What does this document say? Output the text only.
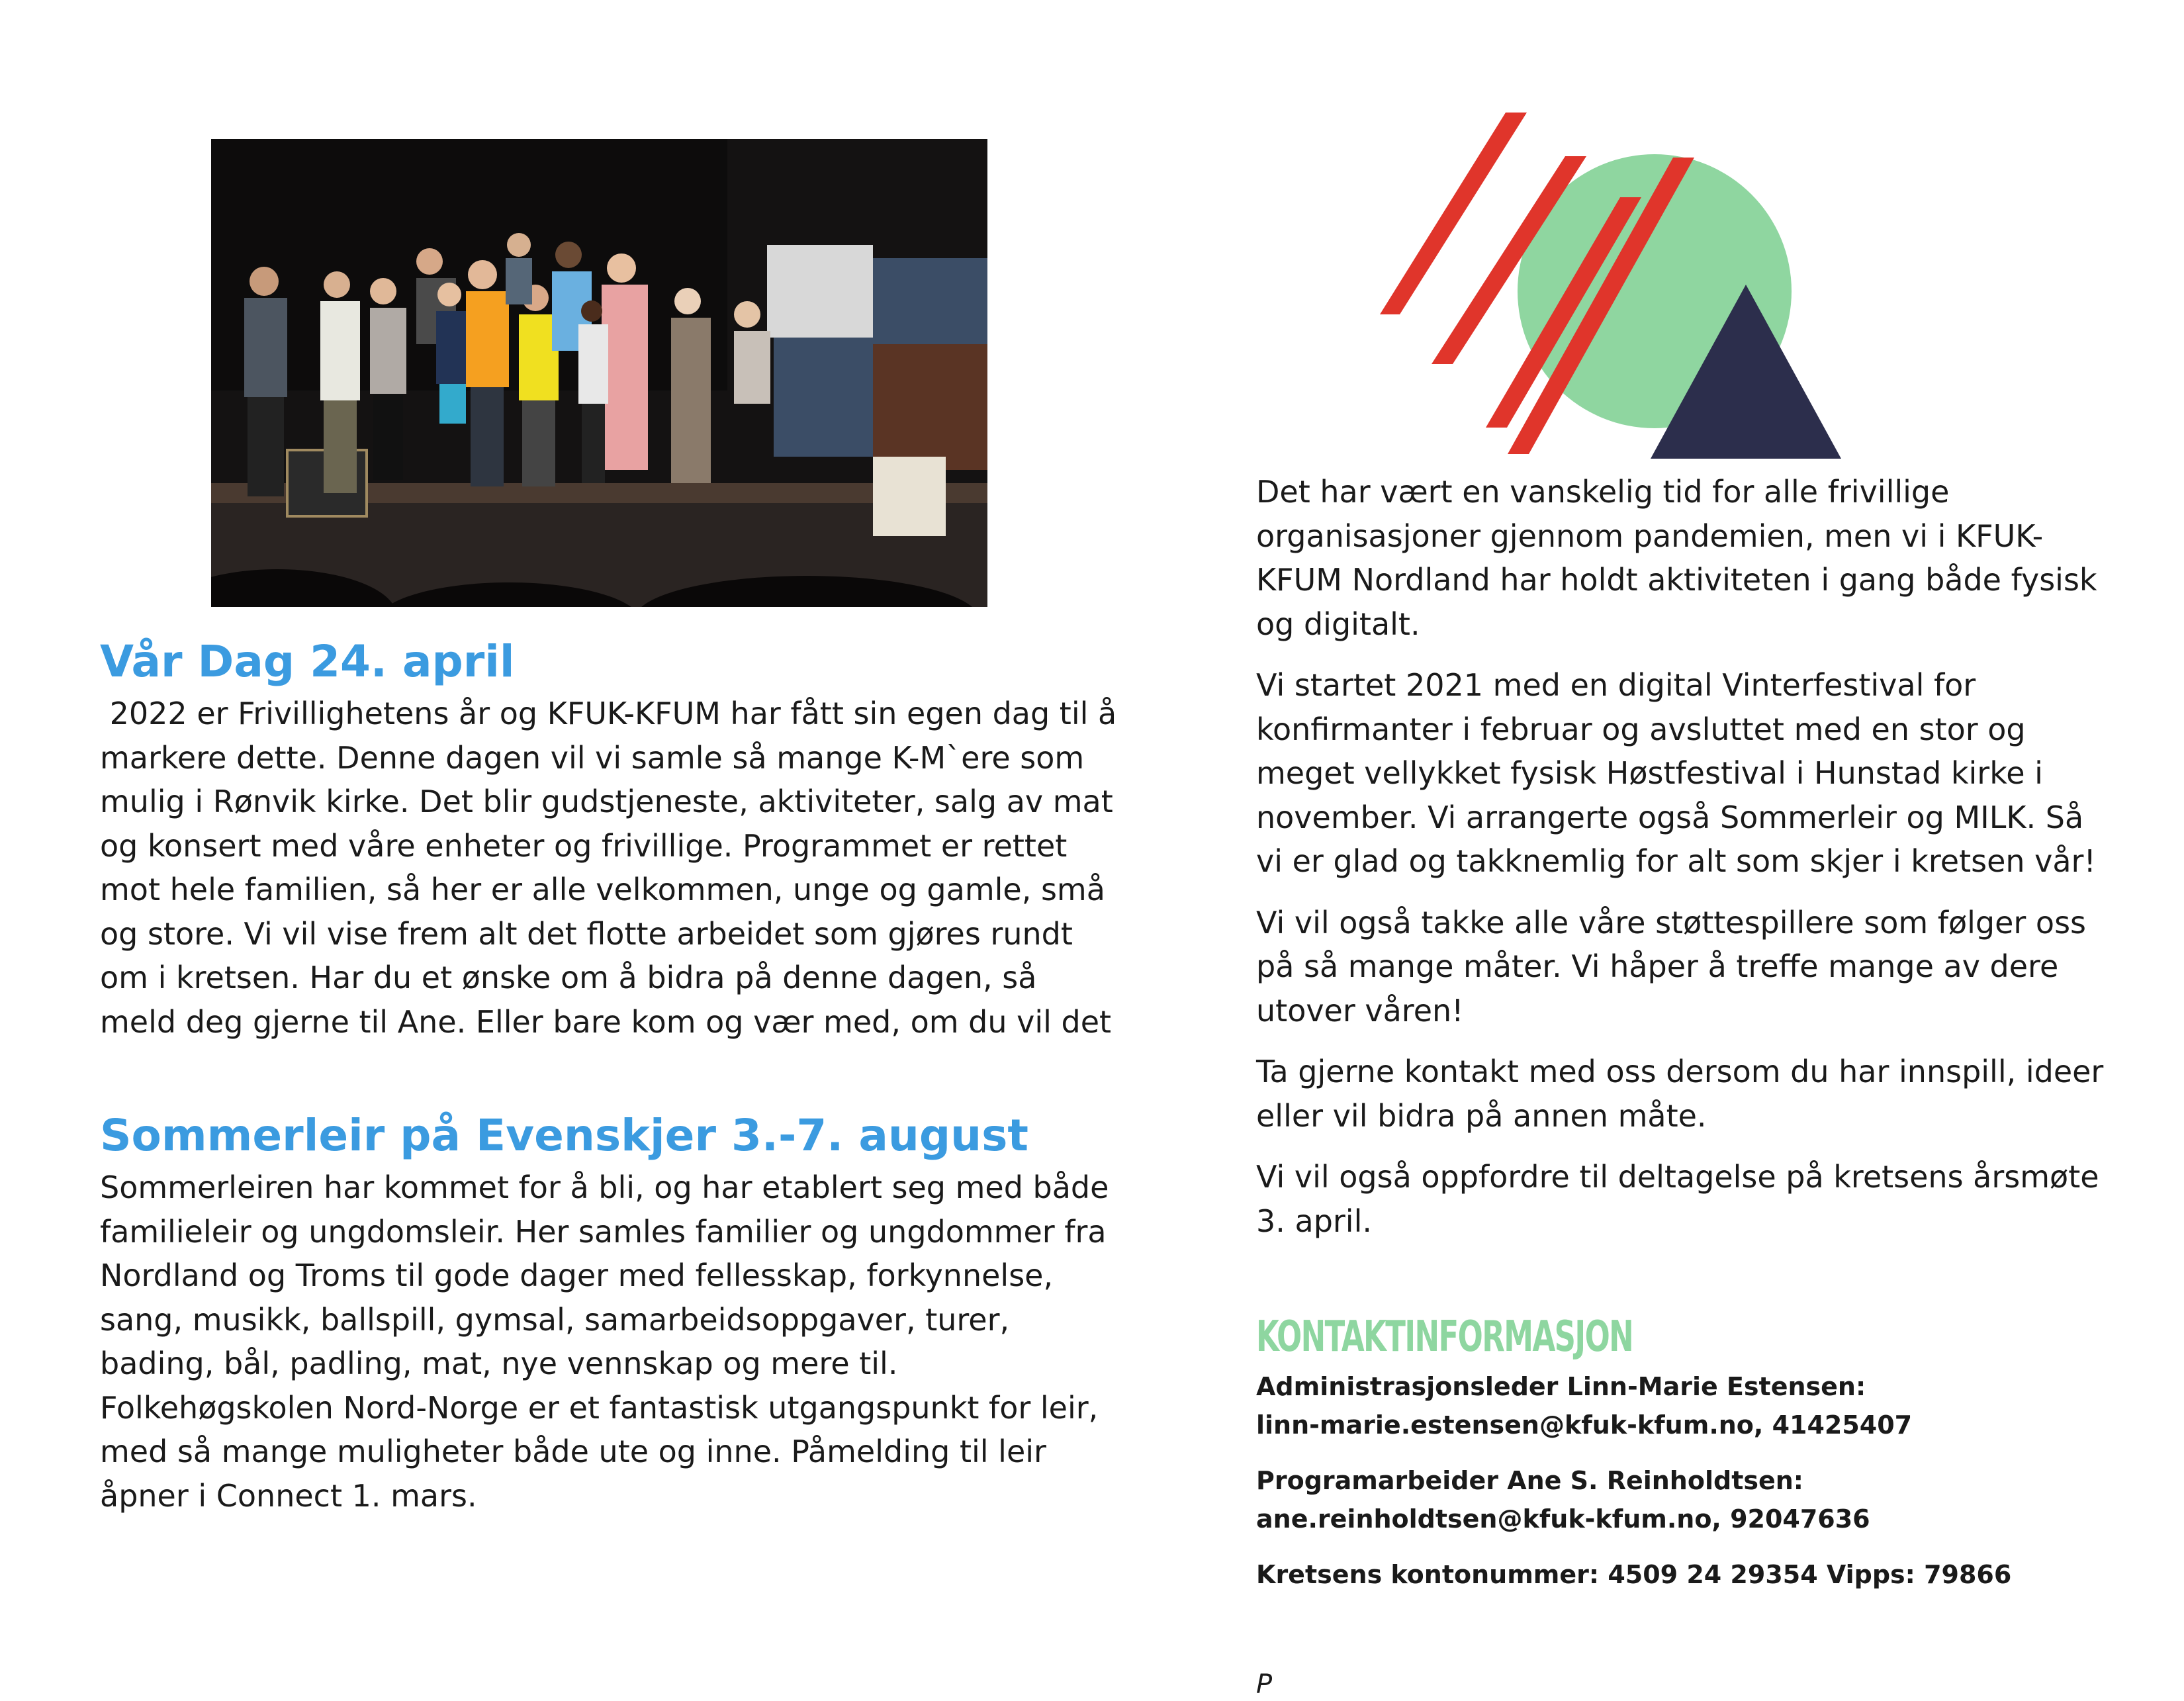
Vår Dag 24. april

2022 er Frivillighetens år og KFUK-KFUM har fått sin egen dag til å markere dette. Denne dagen vil vi samle så mange K-M`ere som mulig i Rønvik kirke. Det blir gudstjeneste, aktiviteter, salg av mat og konsert med våre enheter og frivillige. Programmet er rettet mot hele familien, så her er alle velkommen, unge og gamle, små og store. Vi vil vise frem alt det flotte arbeidet som gjøres rundt om i kretsen. Har du et ønske om å bidra på denne dagen, så meld deg gjerne til Ane. Eller bare kom og vær med, om du vil det

Sommerleir på Evenskjer 3.-7. august

Sommerleiren har kommet for å bli, og har etablert seg med både familieleir og ungdomsleir. Her samles familier og ungdommer fra Nordland og Troms til gode dager med fellesskap, forkynnelse, sang, musikk, ballspill, gymsal, samarbeidsoppgaver, turer, bading, bål, padling, mat, nye vennskap og mere til. Folkehøgskolen Nord-Norge er et fantastisk utgangspunkt for leir, med så mange muligheter både ute og inne. Påmelding til leir åpner i Connect 1. mars.

Det har vært en vanskelig tid for alle frivillige organisasjoner gjennom pandemien, men vi i KFUK-KFUM Nordland har holdt aktiviteten i gang både fysisk og digitalt.

Vi startet 2021 med en digital Vinterfestival for konfirmanter i februar og avsluttet med en stor og meget vellykket fysisk Høstfestival i Hunstad kirke i november. Vi arrangerte også Sommerleir og MILK. Så vi er glad og takknemlig for alt som skjer i kretsen vår!

Vi vil også takke alle våre støttespillere som følger oss på så mange måter. Vi håper å treffe mange av dere utover våren!

Ta gjerne kontakt med oss dersom du har innspill, ideer eller vil bidra på annen måte.

Vi vil også oppfordre til deltagelse på kretsens årsmøte 3. april.

KONTAKTINFORMASJON

Administrasjonsleder Linn-Marie Estensen:

linn-marie.estensen@kfuk-kfum.no, 41425407

Programarbeider Ane S. Reinholdtsen:

ane.reinholdtsen@kfuk-kfum.no, 92047636

Kretsens kontonummer: 4509 24 29354 Vipps: 79866

P
